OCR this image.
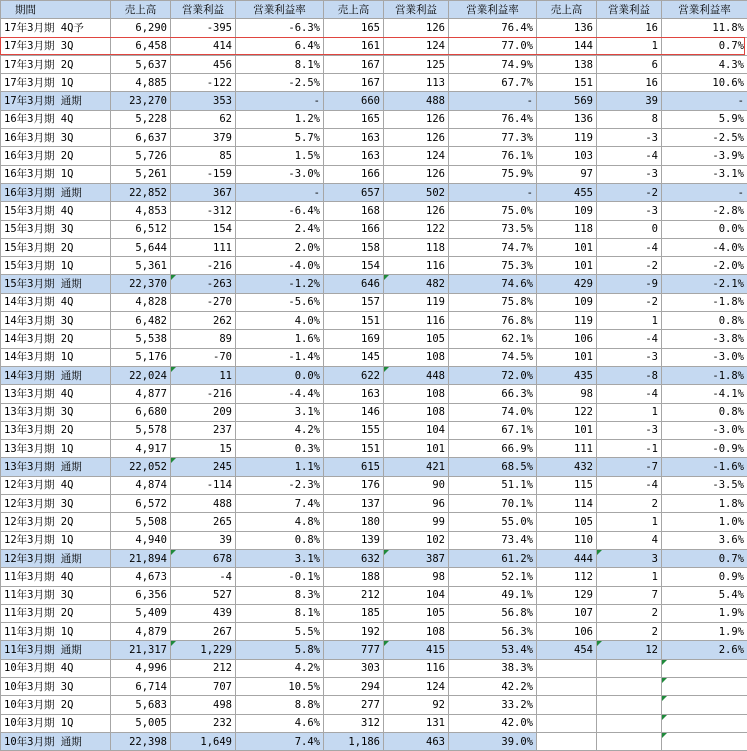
期間	売上高	営業利益	営業利益率	売上高	営業利益	営業利益率	売上高	営業利益	営業利益率
17年3月期 4Q予	6,290	-395	-6.3%	165	126	76.4%	136	16	11.8%
17年3月期 3Q	6,458	414	6.4%	161	124	77.0%	144	1	0.7%
17年3月期 2Q	5,637	456	8.1%	167	125	74.9%	138	6	4.3%
17年3月期 1Q	4,885	-122	-2.5%	167	113	67.7%	151	16	10.6%
17年3月期 通期	23,270	353	-	660	488	-	569	39	-
16年3月期 4Q	5,228	62	1.2%	165	126	76.4%	136	8	5.9%
16年3月期 3Q	6,637	379	5.7%	163	126	77.3%	119	-3	-2.5%
16年3月期 2Q	5,726	85	1.5%	163	124	76.1%	103	-4	-3.9%
16年3月期 1Q	5,261	-159	-3.0%	166	126	75.9%	97	-3	-3.1%
16年3月期 通期	22,852	367	-	657	502	-	455	-2	-
15年3月期 4Q	4,853	-312	-6.4%	168	126	75.0%	109	-3	-2.8%
15年3月期 3Q	6,512	154	2.4%	166	122	73.5%	118	0	0.0%
15年3月期 2Q	5,644	111	2.0%	158	118	74.7%	101	-4	-4.0%
15年3月期 1Q	5,361	-216	-4.0%	154	116	75.3%	101	-2	-2.0%
15年3月期 通期	22,370	-263	-1.2%	646	482	74.6%	429	-9	-2.1%
14年3月期 4Q	4,828	-270	-5.6%	157	119	75.8%	109	-2	-1.8%
14年3月期 3Q	6,482	262	4.0%	151	116	76.8%	119	1	0.8%
14年3月期 2Q	5,538	89	1.6%	169	105	62.1%	106	-4	-3.8%
14年3月期 1Q	5,176	-70	-1.4%	145	108	74.5%	101	-3	-3.0%
14年3月期 通期	22,024	11	0.0%	622	448	72.0%	435	-8	-1.8%
13年3月期 4Q	4,877	-216	-4.4%	163	108	66.3%	98	-4	-4.1%
13年3月期 3Q	6,680	209	3.1%	146	108	74.0%	122	1	0.8%
13年3月期 2Q	5,578	237	4.2%	155	104	67.1%	101	-3	-3.0%
13年3月期 1Q	4,917	15	0.3%	151	101	66.9%	111	-1	-0.9%
13年3月期 通期	22,052	245	1.1%	615	421	68.5%	432	-7	-1.6%
12年3月期 4Q	4,874	-114	-2.3%	176	90	51.1%	115	-4	-3.5%
12年3月期 3Q	6,572	488	7.4%	137	96	70.1%	114	2	1.8%
12年3月期 2Q	5,508	265	4.8%	180	99	55.0%	105	1	1.0%
12年3月期 1Q	4,940	39	0.8%	139	102	73.4%	110	4	3.6%
12年3月期 通期	21,894	678	3.1%	632	387	61.2%	444	3	0.7%
11年3月期 4Q	4,673	-4	-0.1%	188	98	52.1%	112	1	0.9%
11年3月期 3Q	6,356	527	8.3%	212	104	49.1%	129	7	5.4%
11年3月期 2Q	5,409	439	8.1%	185	105	56.8%	107	2	1.9%
11年3月期 1Q	4,879	267	5.5%	192	108	56.3%	106	2	1.9%
11年3月期 通期	21,317	1,229	5.8%	777	415	53.4%	454	12	2.6%
10年3月期 4Q	4,996	212	4.2%	303	116	38.3%			
10年3月期 3Q	6,714	707	10.5%	294	124	42.2%			
10年3月期 2Q	5,683	498	8.8%	277	92	33.2%			
10年3月期 1Q	5,005	232	4.6%	312	131	42.0%			
10年3月期 通期	22,398	1,649	7.4%	1,186	463	39.0%			
